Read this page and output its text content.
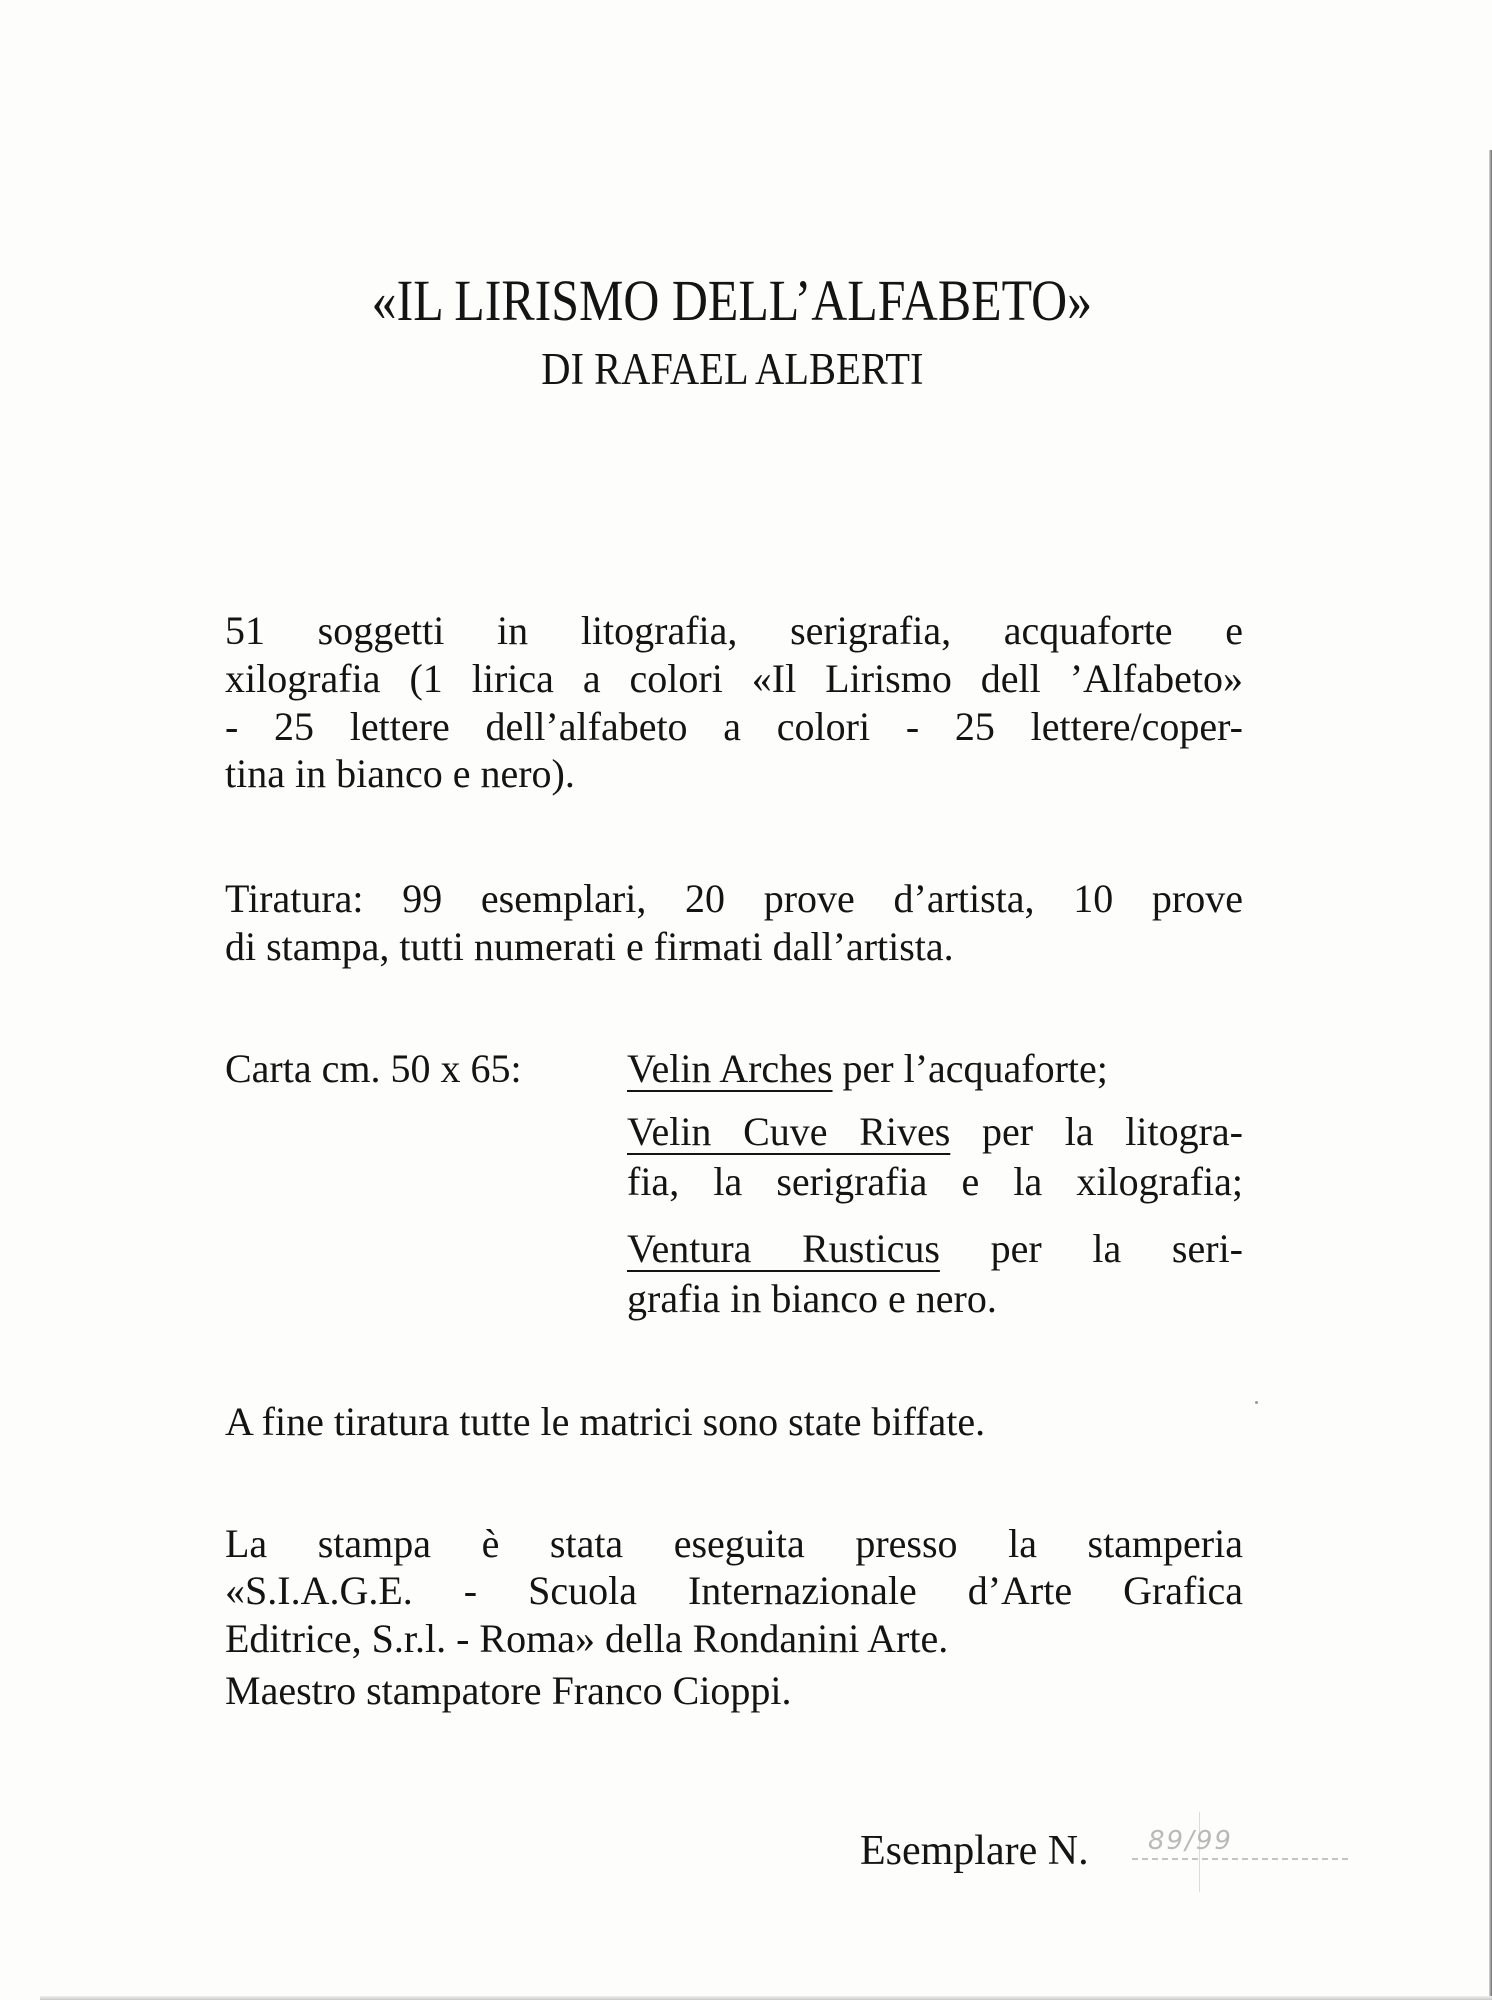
«IL LIRISMO DELL’ALFABETO»
DI RAFAEL ALBERTI
51 soggetti in litografia, serigrafia, acquaforte e
xilografia (1 lirica a colori «Il Lirismo dell ’Alfabeto»
- 25 lettere dell’alfabeto a colori - 25 lettere/coper-
tina in bianco e nero).
Tiratura: 99 esemplari, 20 prove d’artista, 10 prove
di stampa, tutti numerati e firmati dall’artista.
Carta cm. 50 x 65:	Velin Arches per l’acquaforte;
Velin Cuve Rives per la litogra-
fia, la serigrafia e la xilografia;
Ventura Rusticus per la seri-
grafia in bianco e nero.
A fine tiratura tutte le matrici sono state biffate.
La stampa è stata eseguita presso la stamperia
«S.I.A.G.E. - Scuola Internazionale d’Arte Grafica
Editrice, S.r.l. - Roma» della Rondanini Arte.
Maestro stampatore Franco Cioppi.
Esemplare N. 89/99
